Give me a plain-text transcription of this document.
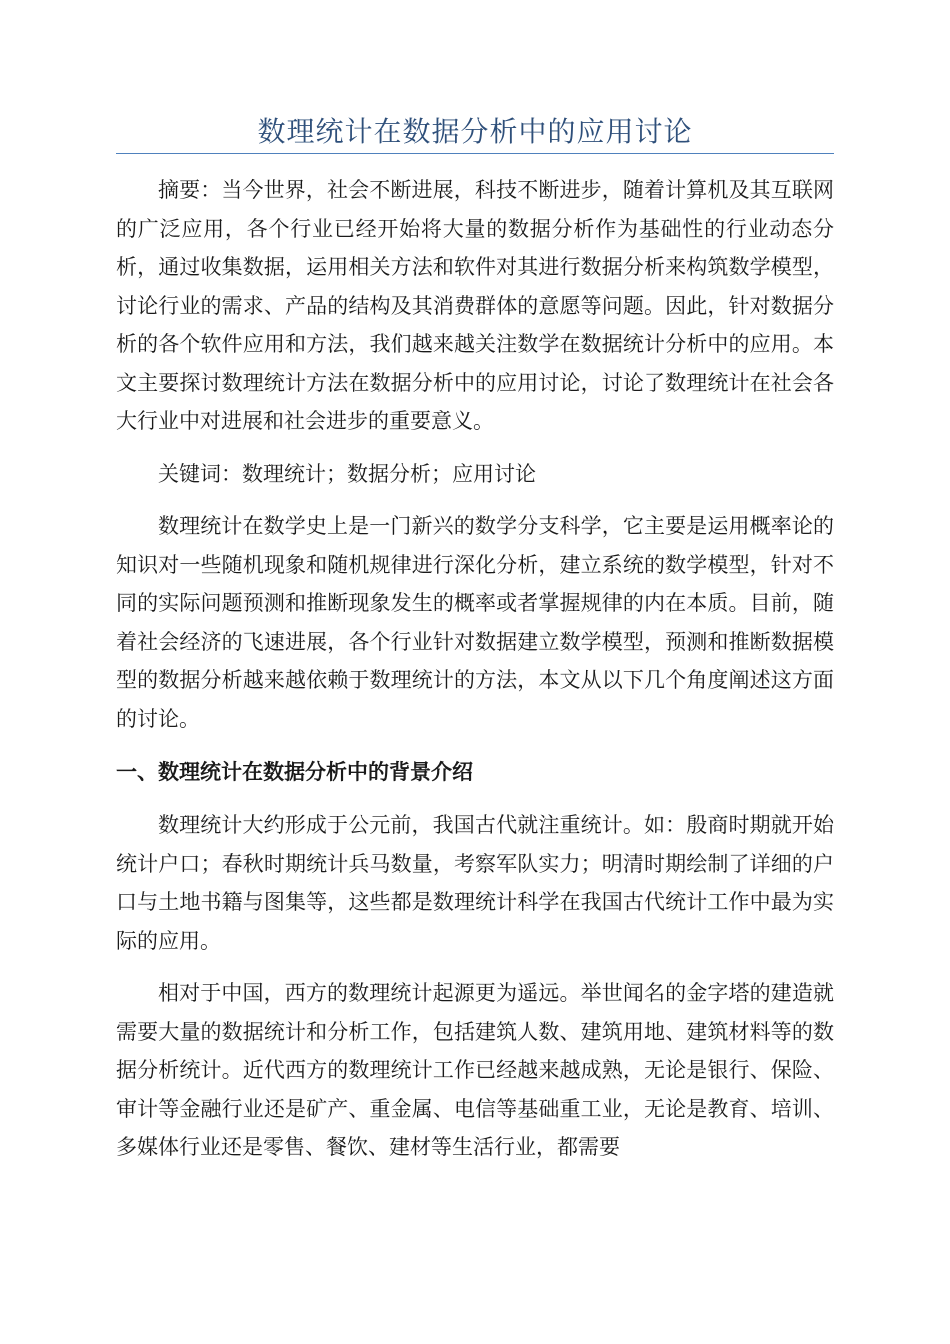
数理统计在数据分析中的应用讨论

摘要：当今世界，社会不断进展，科技不断进步，随着计算机及其互联网的广泛应用，各个行业已经开始将大量的数据分析作为基础性的行业动态分析，通过收集数据，运用相关方法和软件对其进行数据分析来构筑数学模型，讨论行业的需求、产品的结构及其消费群体的意愿等问题。因此，针对数据分析的各个软件应用和方法，我们越来越关注数学在数据统计分析中的应用。本文主要探讨数理统计方法在数据分析中的应用讨论，讨论了数理统计在社会各大行业中对进展和社会进步的重要意义。

关键词：数理统计；数据分析；应用讨论

数理统计在数学史上是一门新兴的数学分支科学，它主要是运用概率论的知识对一些随机现象和随机规律进行深化分析，建立系统的数学模型，针对不同的实际问题预测和推断现象发生的概率或者掌握规律的内在本质。目前，随着社会经济的飞速进展，各个行业针对数据建立数学模型，预测和推断数据模型的数据分析越来越依赖于数理统计的方法，本文从以下几个角度阐述这方面的讨论。

一、数理统计在数据分析中的背景介绍

数理统计大约形成于公元前，我国古代就注重统计。如：殷商时期就开始统计户口；春秋时期统计兵马数量，考察军队实力；明清时期绘制了详细的户口与土地书籍与图集等，这些都是数理统计科学在我国古代统计工作中最为实际的应用。

相对于中国，西方的数理统计起源更为遥远。举世闻名的金字塔的建造就需要大量的数据统计和分析工作，包括建筑人数、建筑用地、建筑材料等的数据分析统计。近代西方的数理统计工作已经越来越成熟，无论是银行、保险、审计等金融行业还是矿产、重金属、电信等基础重工业，无论是教育、培训、多媒体行业还是零售、餐饮、建材等生活行业，都需要
